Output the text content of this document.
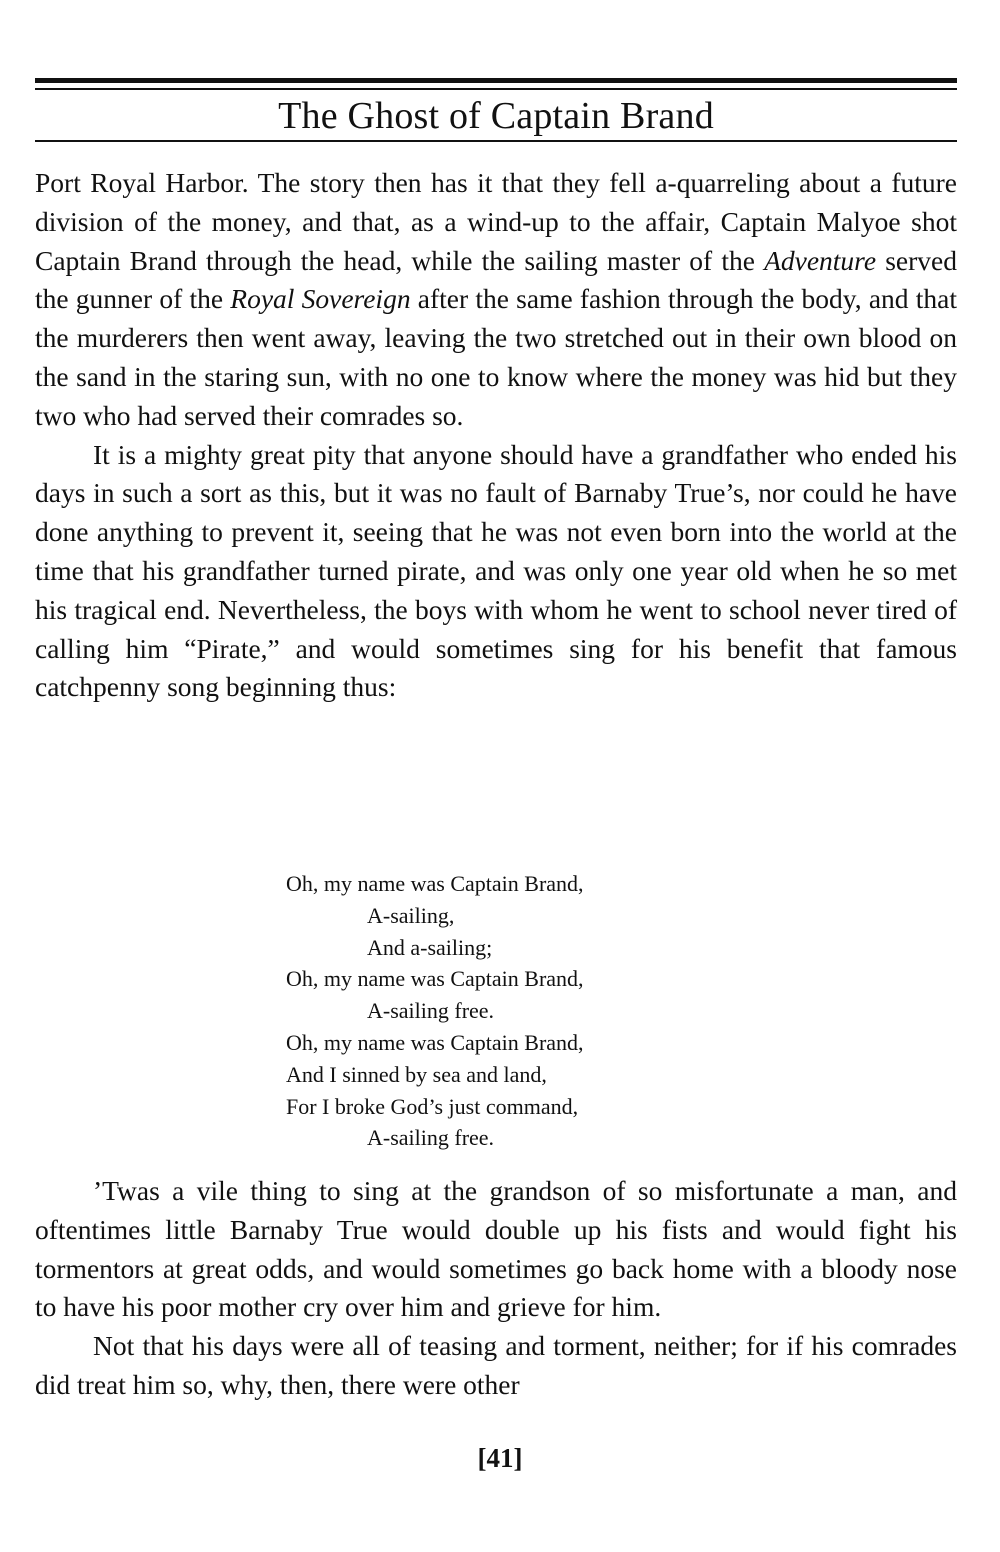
The Ghost of Captain Brand

Port Royal Harbor. The story then has it that they fell a-quarreling about a future division of the money, and that, as a wind-up to the affair, Captain Malyoe shot Captain Brand through the head, while the sailing master of the Adventure served the gunner of the Royal Sovereign after the same fashion through the body, and that the murderers then went away, leaving the two stretched out in their own blood on the sand in the staring sun, with no one to know where the money was hid but they two who had served their comrades so.

It is a mighty great pity that anyone should have a grandfather who ended his days in such a sort as this, but it was no fault of Barnaby True’s, nor could he have done anything to prevent it, seeing that he was not even born into the world at the time that his grandfather turned pirate, and was only one year old when he so met his tragical end. Nevertheless, the boys with whom he went to school never tired of calling him “Pirate,” and would sometimes sing for his benefit that famous catchpenny song beginning thus:

Oh, my name was Captain Brand,
A-sailing,
And a-sailing;
Oh, my name was Captain Brand,
A-sailing free.
Oh, my name was Captain Brand,
And I sinned by sea and land,
For I broke God’s just command,
A-sailing free.

’Twas a vile thing to sing at the grandson of so misfortunate a man, and oftentimes little Barnaby True would double up his fists and would fight his tormentors at great odds, and would sometimes go back home with a bloody nose to have his poor mother cry over him and grieve for him.

Not that his days were all of teasing and torment, neither; for if his comrades did treat him so, why, then, there were other

[41]
